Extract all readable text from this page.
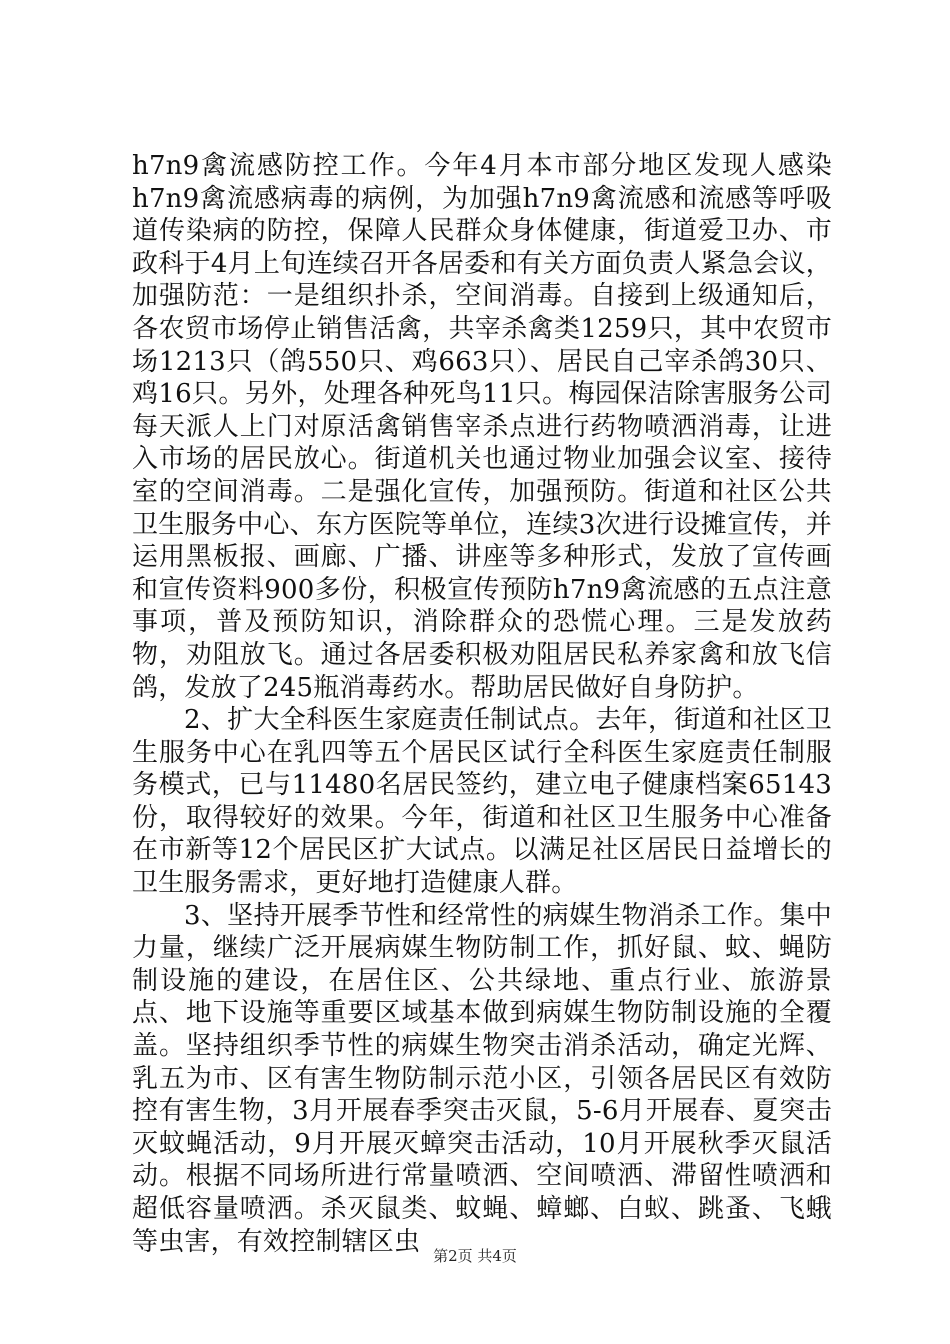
h7n9禽流感防控工作。今年4月本市部分地区发现人感染h7n9禽流感病毒的病例，为加强h7n9禽流感和流感等呼吸道传染病的防控，保障人民群众身体健康，街道爱卫办、市政科于4月上旬连续召开各居委和有关方面负责人紧急会议，加强防范：一是组织扑杀，空间消毒。自接到上级通知后，各农贸市场停止销售活禽，共宰杀禽类1259只，其中农贸市场1213只（鸽550只、鸡663只）、居民自己宰杀鸽30只、鸡16只。另外，处理各种死鸟11只。梅园保洁除害服务公司每天派人上门对原活禽销售宰杀点进行药物喷洒消毒，让进入市场的居民放心。街道机关也通过物业加强会议室、接待室的空间消毒。二是强化宣传，加强预防。街道和社区公共卫生服务中心、东方医院等单位，连续3次进行设摊宣传，并运用黑板报、画廊、广播、讲座等多种形式，发放了宣传画和宣传资料900多份，积极宣传预防h7n9禽流感的五点注意事项，普及预防知识，消除群众的恐慌心理。三是发放药物，劝阻放飞。通过各居委积极劝阻居民私养家禽和放飞信鸽，发放了245瓶消毒药水。帮助居民做好自身防护。

2、扩大全科医生家庭责任制试点。去年，街道和社区卫生服务中心在乳四等五个居民区试行全科医生家庭责任制服务模式，已与11480名居民签约，建立电子健康档案65143份，取得较好的效果。今年，街道和社区卫生服务中心准备在市新等12个居民区扩大试点。以满足社区居民日益增长的卫生服务需求，更好地打造健康人群。

3、坚持开展季节性和经常性的病媒生物消杀工作。集中力量，继续广泛开展病媒生物防制工作，抓好鼠、蚊、蝇防制设施的建设，在居住区、公共绿地、重点行业、旅游景点、地下设施等重要区域基本做到病媒生物防制设施的全覆盖。坚持组织季节性的病媒生物突击消杀活动，确定光辉、乳五为市、区有害生物防制示范小区，引领各居民区有效防控有害生物，3月开展春季突击灭鼠，5-6月开展春、夏突击灭蚊蝇活动，9月开展灭蟑突击活动，10月开展秋季灭鼠活动。根据不同场所进行常量喷洒、空间喷洒、滞留性喷洒和超低容量喷洒。杀灭鼠类、蚊蝇、蟑螂、白蚁、跳蚤、飞蛾等虫害，有效控制辖区虫 第2页 共4页
